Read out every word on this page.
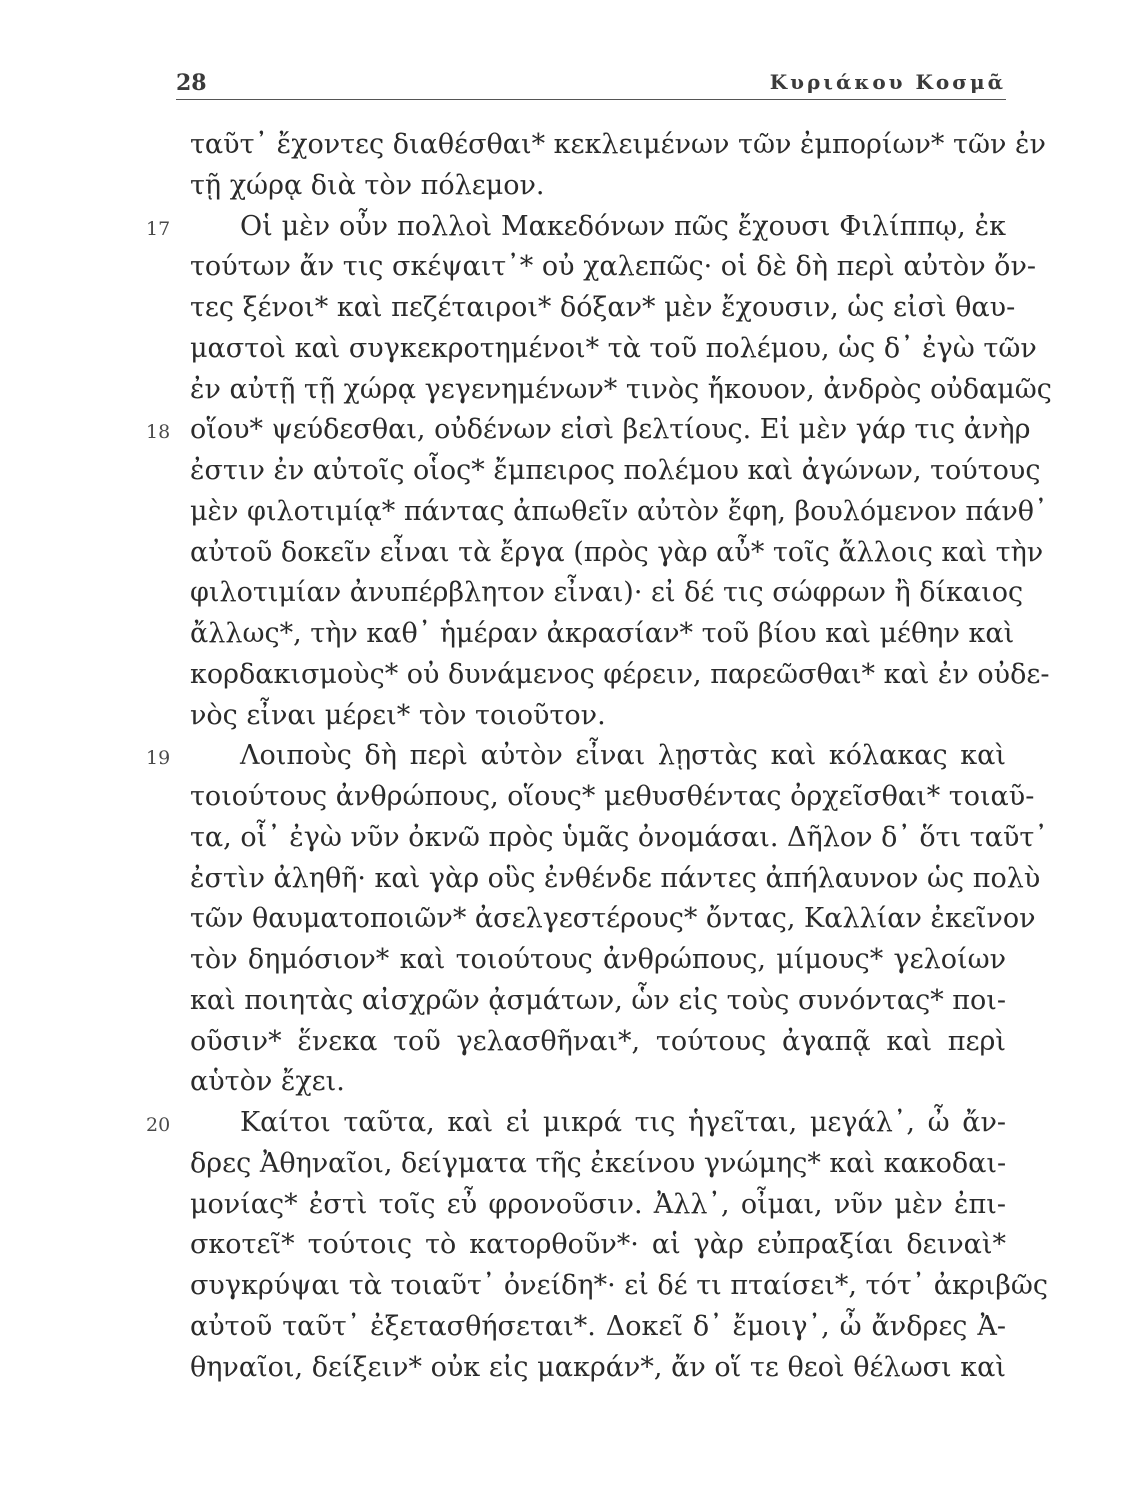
28	Κυριάκου Κοσμᾶ
ταῦτ᾽ ἔχοντες διαθέσθαι* κεκλειμένων τῶν ἐμπορίων* τῶν ἐν
τῇ χώρᾳ διὰ τὸν πόλεμον.
17	Οἱ μὲν οὖν πολλοὶ Μακεδόνων πῶς ἔχουσι Φιλίππῳ, ἐκ
τούτων ἄν τις σκέψαιτ᾽* οὐ χαλεπῶς· οἱ δὲ δὴ περὶ αὐτὸν ὄν-
τες ξένοι* καὶ πεζέταιροι* δόξαν* μὲν ἔχουσιν, ὡς εἰσὶ θαυ-
μαστοὶ καὶ συγκεκροτημένοι* τὰ τοῦ πολέμου, ὡς δ᾽ ἐγὼ τῶν
ἐν αὐτῇ τῇ χώρᾳ γεγενημένων* τινὸς ἤκουον, ἀνδρὸς οὐδαμῶς
18 οἵου* ψεύδεσθαι, οὐδένων εἰσὶ βελτίους. Εἰ μὲν γάρ τις ἀνὴρ
ἐστιν ἐν αὐτοῖς οἷος* ἔμπειρος πολέμου καὶ ἀγώνων, τούτους
μὲν φιλοτιμίᾳ* πάντας ἀπωθεῖν αὐτὸν ἔφη, βουλόμενον πάνθ᾽
αὐτοῦ δοκεῖν εἶναι τὰ ἔργα (πρὸς γὰρ αὖ* τοῖς ἄλλοις καὶ τὴν
φιλοτιμίαν ἀνυπέρβλητον εἶναι)· εἰ δέ τις σώφρων ἢ δίκαιος
ἄλλως*, τὴν καθ᾽ ἡμέραν ἀκρασίαν* τοῦ βίου καὶ μέθην καὶ
κορδακισμοὺς* οὐ δυνάμενος φέρειν, παρεῶσθαι* καὶ ἐν οὐδε-
νὸς εἶναι μέρει* τὸν τοιοῦτον.
19	Λοιποὺς δὴ περὶ αὐτὸν εἶναι λῃστὰς καὶ κόλακας καὶ
τοιούτους ἀνθρώπους, οἵους* μεθυσθέντας ὀρχεῖσθαι* τοιαῦ-
τα, οἷ᾽ ἐγὼ νῦν ὀκνῶ πρὸς ὑμᾶς ὀνομάσαι. Δῆλον δ᾽ ὅτι ταῦτ᾽
ἐστὶν ἀληθῆ· καὶ γὰρ οὓς ἐνθένδε πάντες ἀπήλαυνον ὡς πολὺ
τῶν θαυματοποιῶν* ἀσελγεστέρους* ὄντας, Καλλίαν ἐκεῖνον
τὸν δημόσιον* καὶ τοιούτους ἀνθρώπους, μίμους* γελοίων
καὶ ποιητὰς αἰσχρῶν ᾀσμάτων, ὧν εἰς τοὺς συνόντας* ποι-
οῦσιν* ἕνεκα τοῦ γελασθῆναι*, τούτους ἀγαπᾷ καὶ περὶ
αὑτὸν ἔχει.
20	Καίτοι ταῦτα, καὶ εἰ μικρά τις ἡγεῖται, μεγάλ᾽, ὦ ἄν-
δρες Ἀθηναῖοι, δείγματα τῆς ἐκείνου γνώμης* καὶ κακοδαι-
μονίας* ἐστὶ τοῖς εὖ φρονοῦσιν. Ἀλλ᾽, οἶμαι, νῦν μὲν ἐπι-
σκοτεῖ* τούτοις τὸ κατορθοῦν*· αἱ γὰρ εὐπραξίαι δειναὶ*
συγκρύψαι τὰ τοιαῦτ᾽ ὀνείδη*· εἰ δέ τι πταίσει*, τότ᾽ ἀκριβῶς
αὐτοῦ ταῦτ᾽ ἐξετασθήσεται*. Δοκεῖ δ᾽ ἔμοιγ᾽, ὦ ἄνδρες Ἀ-
θηναῖοι, δείξειν* οὐκ εἰς μακράν*, ἄν οἵ τε θεοὶ θέλωσι καὶ
